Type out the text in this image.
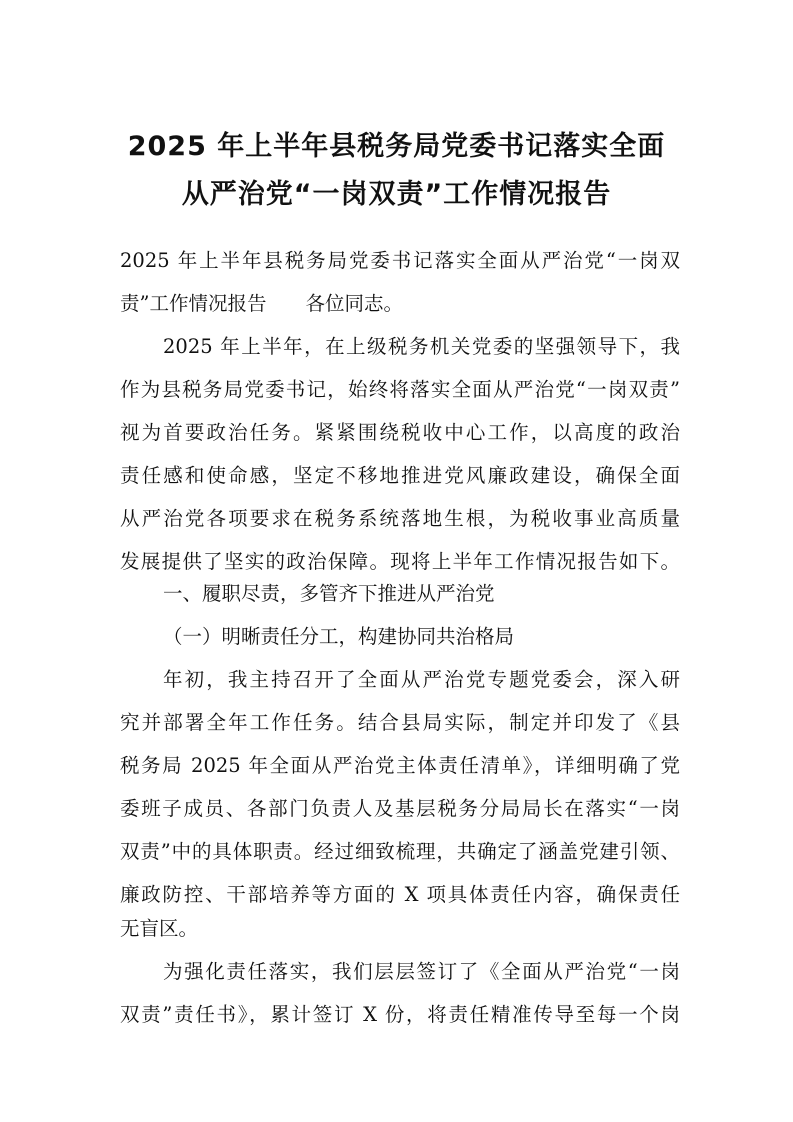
2025 年上半年县税务局党委书记落实全面
从严治党“一岗双责”工作情况报告

2025 年上半年县税务局党委书记落实全面从严治党“一岗双

责”工作情况报告　　各位同志。

2025 年上半年，在上级税务机关党委的坚强领导下，我

作为县税务局党委书记，始终将落实全面从严治党“一岗双责”

视为首要政治任务。紧紧围绕税收中心工作，以高度的政治

责任感和使命感，坚定不移地推进党风廉政建设，确保全面

从严治党各项要求在税务系统落地生根，为税收事业高质量

发展提供了坚实的政治保障。现将上半年工作情况报告如下。

一、履职尽责，多管齐下推进从严治党

（一）明晰责任分工，构建协同共治格局

年初，我主持召开了全面从严治党专题党委会，深入研

究并部署全年工作任务。结合县局实际，制定并印发了《县

税务局 2025 年全面从严治党主体责任清单》，详细明确了党

委班子成员、各部门负责人及基层税务分局局长在落实“一岗

双责”中的具体职责。经过细致梳理，共确定了涵盖党建引领、

廉政防控、干部培养等方面的 X 项具体责任内容，确保责任

无盲区。

为强化责任落实，我们层层签订了《全面从严治党“一岗

双责”责任书》，累计签订 X 份，将责任精准传导至每一个岗
